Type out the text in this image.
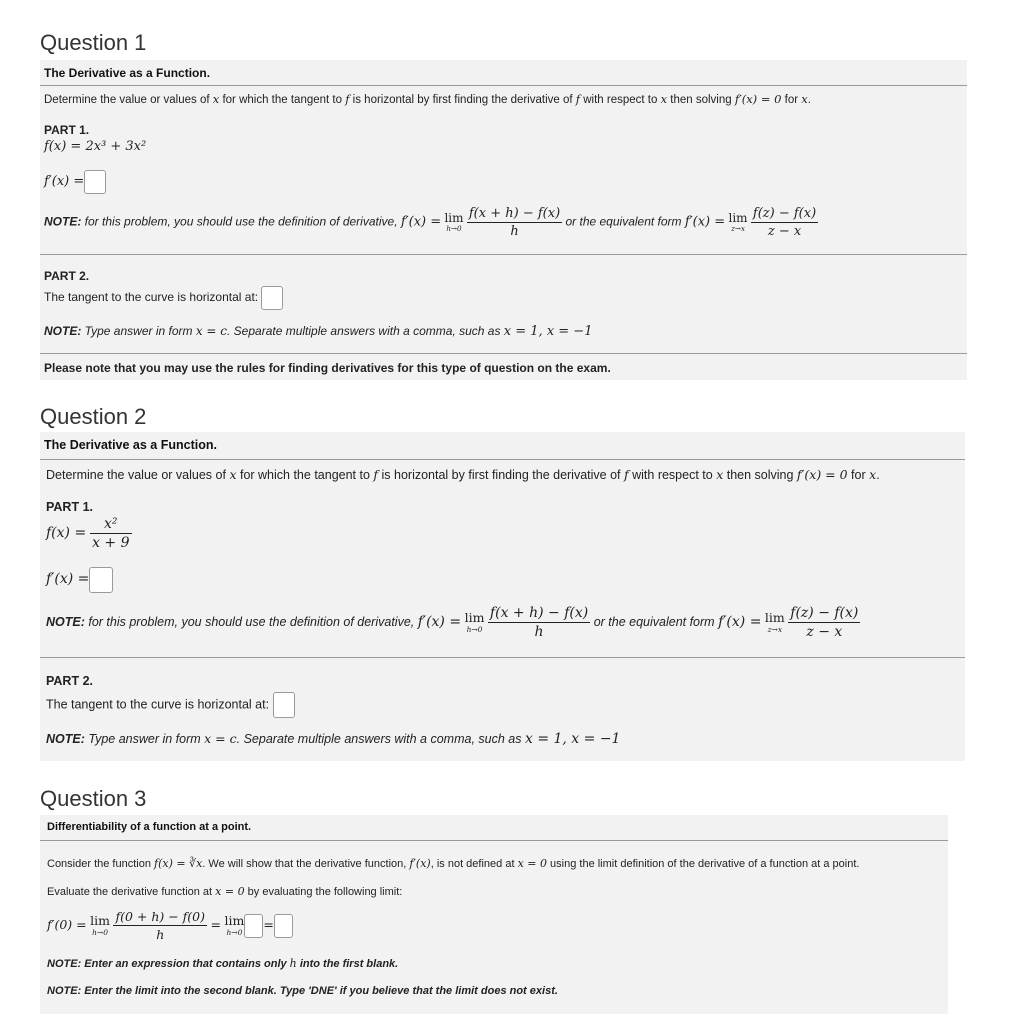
Question 1
The Derivative as a Function.
Determine the value or values of x for which the tangent to f is horizontal by first finding the derivative of f with respect to x then solving f′(x) = 0 for x.
PART 1.
f(x) = 2x³ + 3x²
f′(x) =
NOTE: for this problem, you should use the definition of derivative, f′(x) = lim
h→0
$\frac{f(x + h) - f(x)}{h}$ or the equivalent form f′(x) = lim
z→x
$\frac{f(z) - f(x)}{z - x}$
PART 2.
The tangent to the curve is horizontal at:
NOTE: Type answer in form x = c. Separate multiple answers with a comma, such as x = 1, x = −1
Please note that you may use the rules for finding derivatives for this type of question on the exam.
Question 2
The Derivative as a Function.
Determine the value or values of x for which the tangent to f is horizontal by first finding the derivative of f with respect to x then solving f′(x) = 0 for x.
PART 1.
$f(x) = \frac{\text{x²}}{x + 9}$
f′(x) =
NOTE: for this problem, you should use the definition of derivative, f′(x) = lim
h→0
$\frac{f(x + h) - f(x)}{h}$ or the equivalent form f′(x) = lim
z→x
$\frac{f(z) - f(x)}{z - x}$
PART 2.
The tangent to the curve is horizontal at:
NOTE: Type answer in form x = c. Separate multiple answers with a comma, such as x = 1, x = −1
Question 3
Differentiability of a function at a point.
Consider the function f(x) = ∛x. We will show that the derivative function, f′(x), is not defined at x = 0 using the limit definition of the derivative of a function at a point.
Evaluate the derivative function at x = 0 by evaluating the following limit:
f′(0) = lim
h→0
$\frac{f(0 + h) - f(0)}{h} = \lim$
h→0
=
NOTE: Enter an expression that contains only h into the first blank.
NOTE: Enter the limit into the second blank. Type 'DNE' if you believe that the limit does not exist.
